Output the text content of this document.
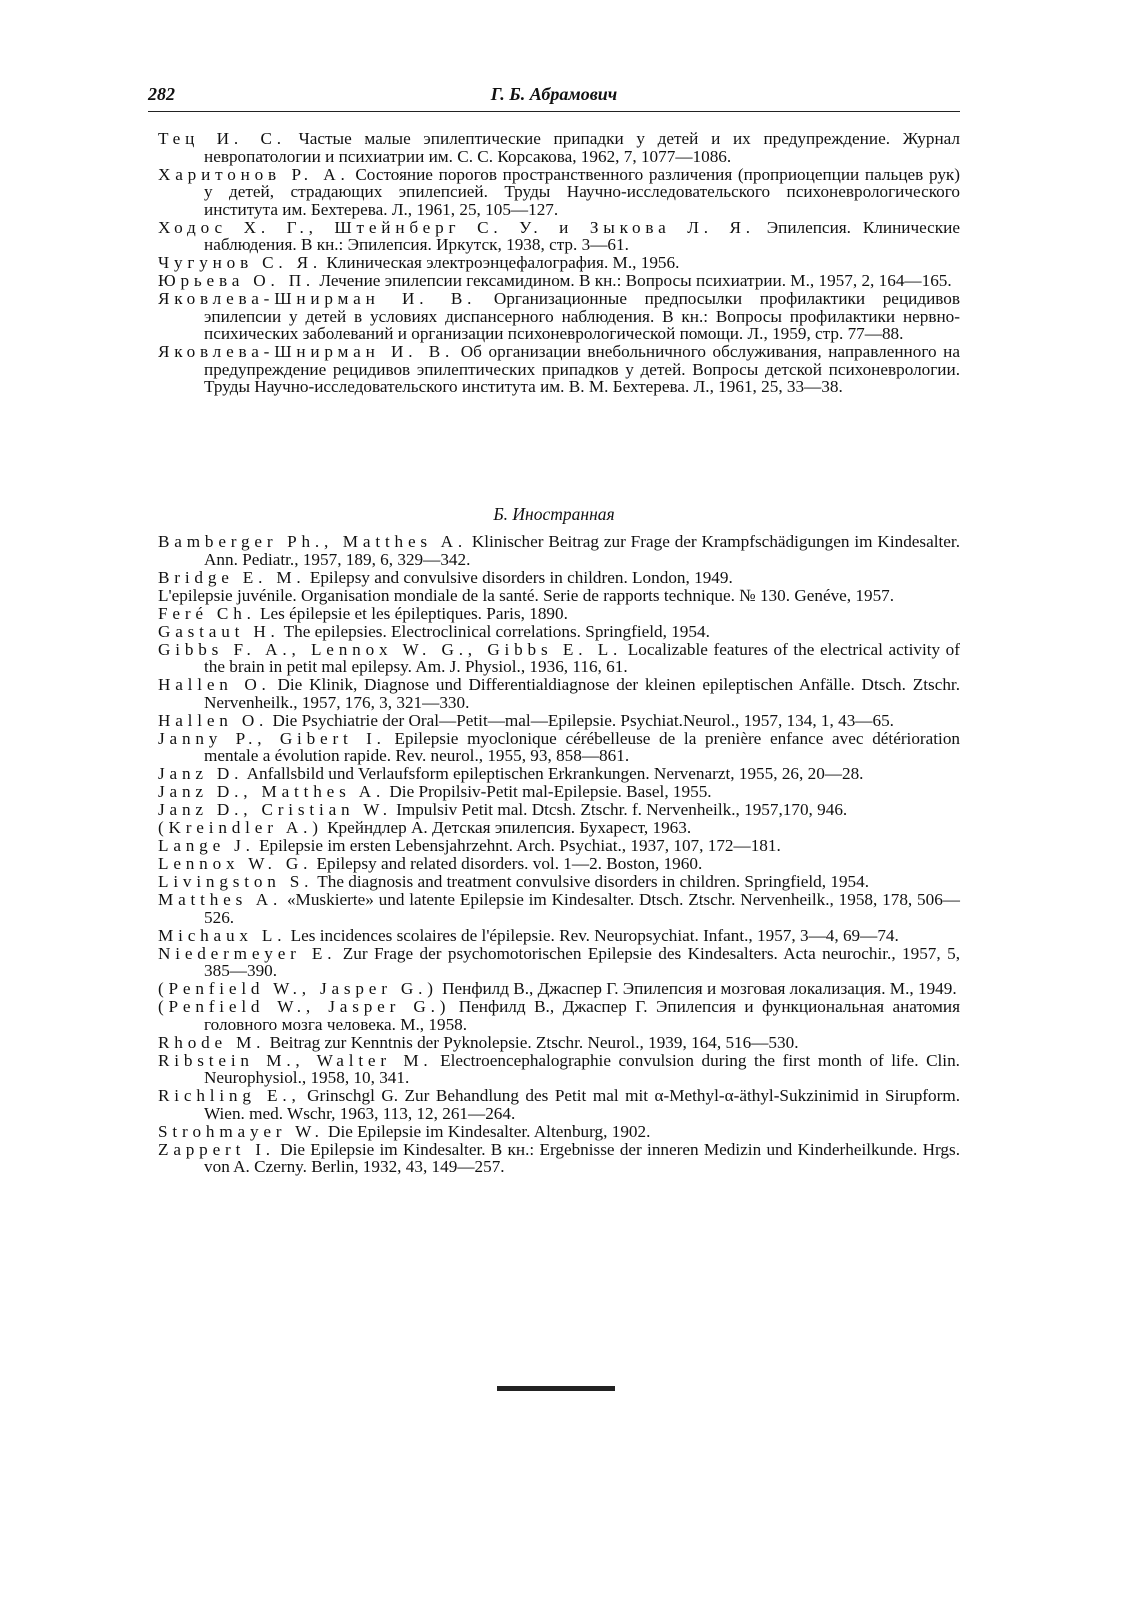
282	Г. Б. Абрамович

Тец И. С. Частые малые эпилептические припадки у детей и их предупреждение. Журнал невропатологии и психиатрии им. С. С. Корсакова, 1962, 7, 1077—1086.

Харитонов Р. А. Состояние порогов пространственного различения (проприоцепции пальцев рук) у детей, страдающих эпилепсией. Труды Научно-исследовательского психоневрологического института им. Бехтерева. Л., 1961, 25, 105—127.

Ходос Х. Г., Штейнберг С. У. и Зыкова Л. Я. Эпилепсия. Клинические наблюдения. В кн.: Эпилепсия. Иркутск, 1938, стр. 3—61.

Чугунов С. Я. Клиническая электроэнцефалография. М., 1956.

Юрьева О. П. Лечение эпилепсии гексамидином. В кн.: Вопросы психиатрии. М., 1957, 2, 164—165.

Яковлева-Шнирман И. В. Организационные предпосылки профилактики рецидивов эпилепсии у детей в условиях диспансерного наблюдения. В кн.: Вопросы профилактики нервно-психических заболеваний и организации психоневрологической помощи. Л., 1959, стр. 77—88.

Яковлева-Шнирман И. В. Об организации внебольничного обслуживания, направленного на предупреждение рецидивов эпилептических припадков у детей. Вопросы детской психоневрологии. Труды Научно-исследовательского института им. В. М. Бехтерева. Л., 1961, 25, 33—38.

Б. Иностранная

Bamberger Ph., Matthes A. Klinischer Beitrag zur Frage der Krampfschädigungen im Kindesalter. Ann. Pediatr., 1957, 189, 6, 329—342.

Bridge E. M. Epilepsy and convulsive disorders in children. London, 1949.

L'epilepsie juvénile. Organisation mondiale de la santé. Serie de rapports technique. № 130. Genéve, 1957.

Feré Ch. Les épilepsie et les épileptiques. Paris, 1890.

Gastaut H. The epilepsies. Electroclinical correlations. Springfield, 1954.

Gibbs F. A., Lennox W. G., Gibbs E. L. Localizable features of the electrical activity of the brain in petit mal epilepsy. Am. J. Physiol., 1936, 116, 61.

Hallen O. Die Klinik, Diagnose und Differentialdiagnose der kleinen epileptischen Anfälle. Dtsch. Ztschr. Nervenheilk., 1957, 176, 3, 321—330.

Hallen O. Die Psychiatrie der Oral—Petit—mal—Epilepsie. Psychiat.Neurol., 1957, 134, 1, 43—65.

Janny P., Gibert I. Epilepsie myoclonique cérébelleuse de la prenière enfance avec détérioration mentale a évolution rapide. Rev. neurol., 1955, 93, 858—861.

Janz D. Anfallsbild und Verlaufsform epileptischen Erkrankungen. Nervenarzt, 1955, 26, 20—28.

Janz D., Matthes A. Die Propilsiv-Petit mal-Epilepsie. Basel, 1955.

Janz D., Cristian W. Impulsiv Petit mal. Dtcsh. Ztschr. f. Nervenheilk., 1957,170, 946.

(Kreindler A.) Крейндлер А. Детская эпилепсия. Бухарест, 1963.

Lange J. Epilepsie im ersten Lebensjahrzehnt. Arch. Psychiat., 1937, 107, 172—181.

Lennox W. G. Epilepsy and related disorders. vol. 1—2. Boston, 1960.

Livingston S. The diagnosis and treatment convulsive disorders in children. Springfield, 1954.

Matthes A. «Muskierte» und latente Epilepsie im Kindesalter. Dtsch. Ztschr. Nervenheilk., 1958, 178, 506—526.

Michaux L. Les incidences scolaires de l'épilepsie. Rev. Neuropsychiat. Infant., 1957, 3—4, 69—74.

Niedermeyer E. Zur Frage der psychomotorischen Epilepsie des Kindesalters. Acta neurochir., 1957, 5, 385—390.

(Penfield W., Jasper G.) Пенфилд В., Джаспер Г. Эпилепсия и мозговая локализация. М., 1949.

(Penfield W., Jasper G.) Пенфилд В., Джаспер Г. Эпилепсия и функциональная анатомия головного мозга человека. М., 1958.

Rhode M. Beitrag zur Kenntnis der Pyknolepsie. Ztschr. Neurol., 1939, 164, 516—530.

Ribstein M., Walter M. Electroencephalographie convulsion during the first month of life. Clin. Neurophysiol., 1958, 10, 341.

Richling E., Grinschgl G. Zur Behandlung des Petit mal mit α-Methyl-α-äthyl-Sukzinimid in Sirupform. Wien. med. Wschr, 1963, 113, 12, 261—264.

Strohmayer W. Die Epilepsie im Kindesalter. Altenburg, 1902.

Zappert I. Die Epilepsie im Kindesalter. В кн.: Ergebnisse der inneren Medizin und Kinderheilkunde. Hrgs. von A. Czerny. Berlin, 1932, 43, 149—257.
